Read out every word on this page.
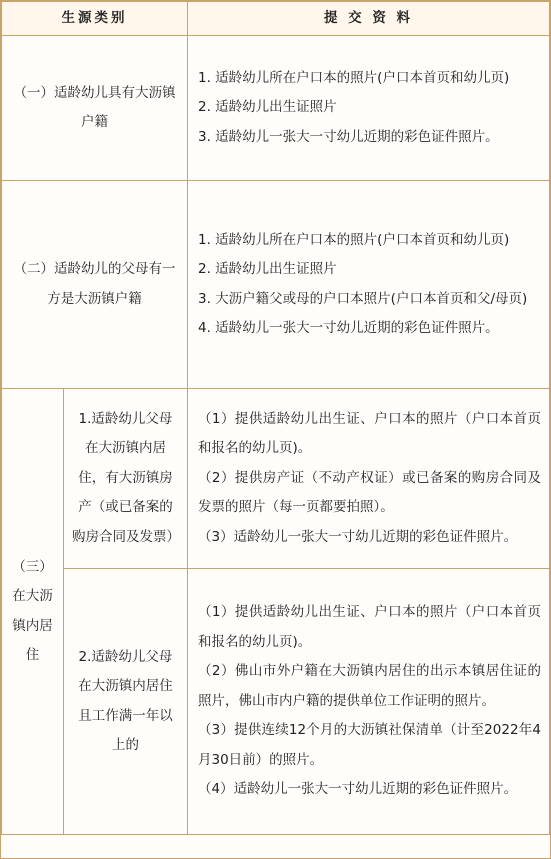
生源类别		提 交 资 料
（一）适龄幼儿具有大沥镇户籍		1. 适龄幼儿所在户口本的照片(户口本首页和幼儿页)
2. 适龄幼儿出生证照片
3. 适龄幼儿一张大一寸幼儿近期的彩色证件照片。

（二）适龄幼儿的父母有一方是大沥镇户籍		1. 适龄幼儿所在户口本的照片(户口本首页和幼儿页)
2. 适龄幼儿出生证照片
3. 大沥户籍父或母的户口本照片(户口本首页和父/母页)
4. 适龄幼儿一张大一寸幼儿近期的彩色证件照片。

（三）在大沥镇内居住	1.适龄幼儿父母在大沥镇内居住，有大沥镇房产（或已备案的购房合同及发票）	（1）提供适龄幼儿出生证、户口本的照片（户口本首页和报名的幼儿页)。
（2）提供房产证（不动产权证）或已备案的购房合同及发票的照片（每一页都要拍照）。
（3）适龄幼儿一张大一寸幼儿近期的彩色证件照片。

	2.适龄幼儿父母在大沥镇内居住且工作满一年以上的	（1）提供适龄幼儿出生证、户口本的照片（户口本首页和报名的幼儿页)。
（2）佛山市外户籍在大沥镇内居住的出示本镇居住证的照片，佛山市内户籍的提供单位工作证明的照片。
（3）提供连续12个月的大沥镇社保清单（计至2022年4月30日前）的照片。
（4）适龄幼儿一张大一寸幼儿近期的彩色证件照片。
